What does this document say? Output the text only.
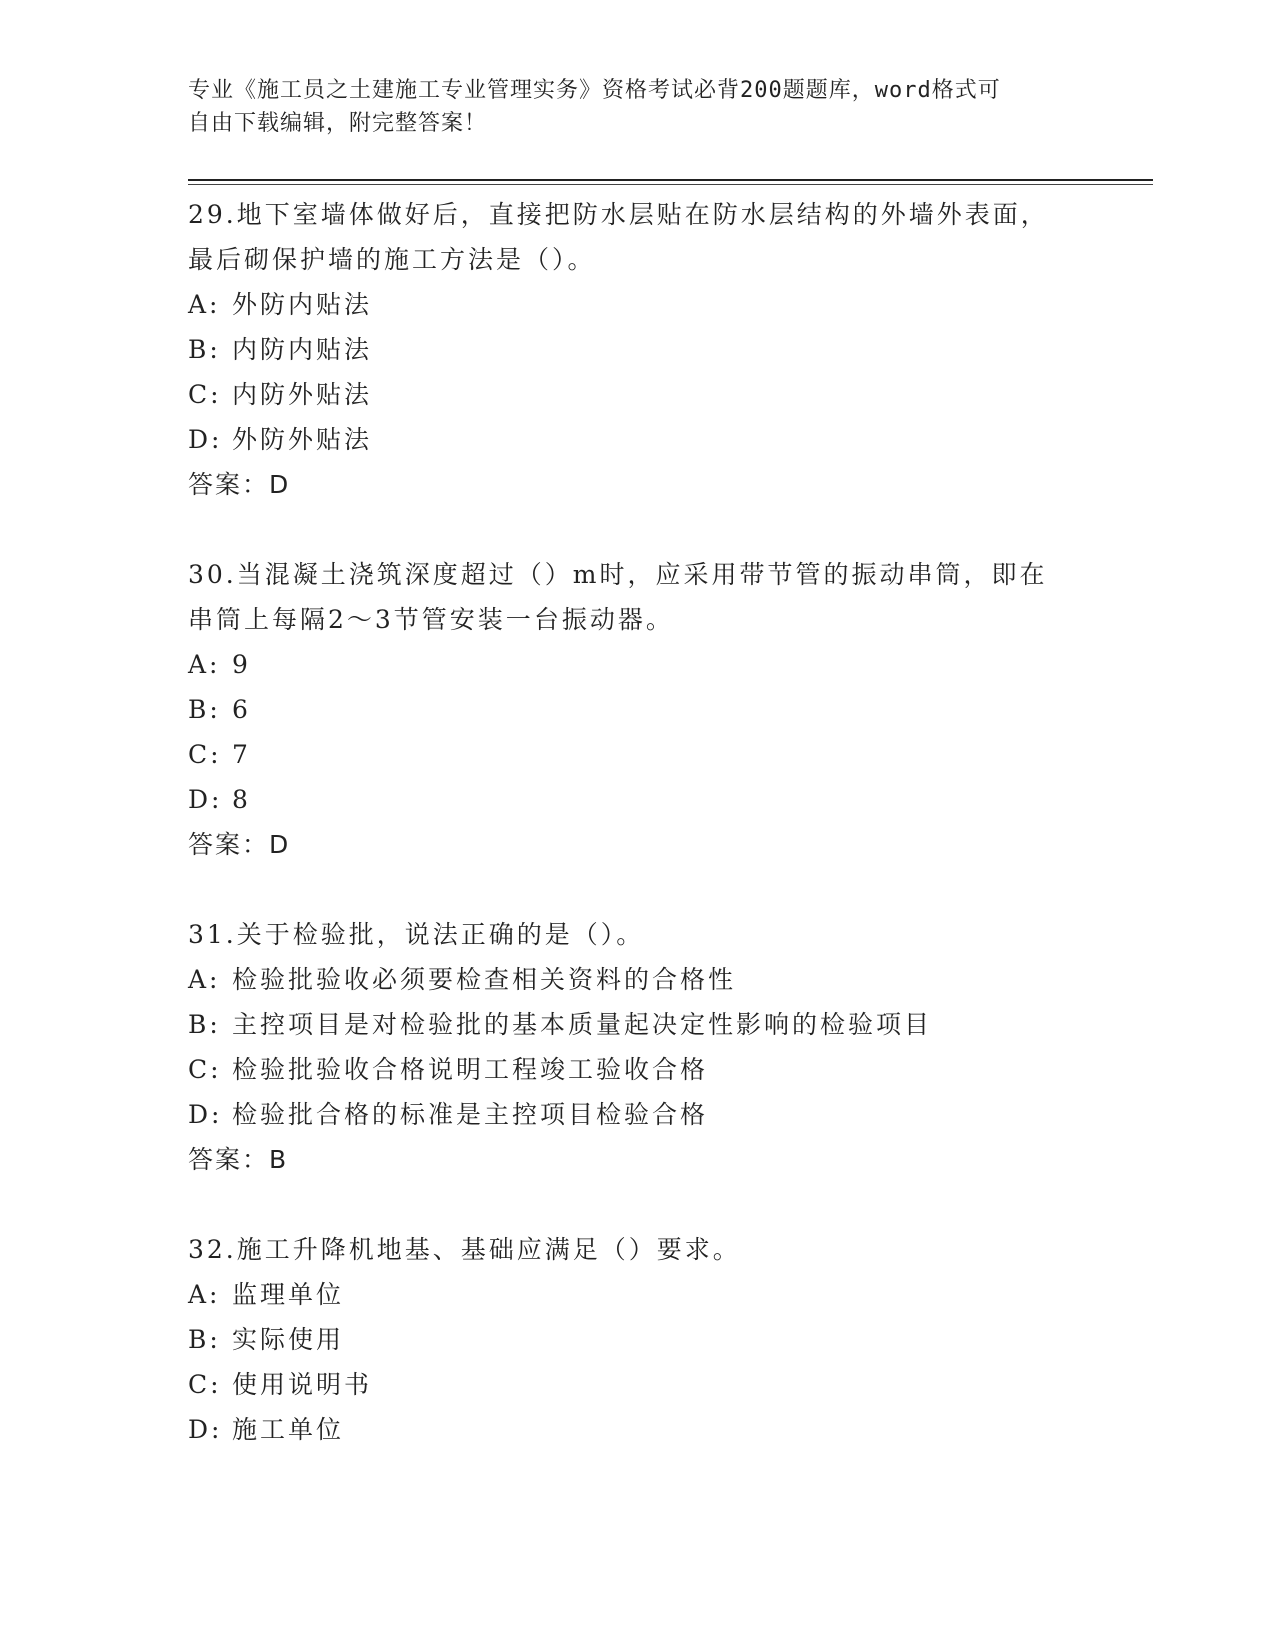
专业《施工员之土建施工专业管理实务》资格考试必背200题题库，word格式可
自由下载编辑，附完整答案！

29.地下室墙体做好后，直接把防水层贴在防水层结构的外墙外表面，
最后砌保护墙的施工方法是（）。

A: 外防内贴法

B: 内防内贴法

C: 内防外贴法

D: 外防外贴法

答案：D

30.当混凝土浇筑深度超过（）m时，应采用带节管的振动串筒，即在
串筒上每隔2～3节管安装一台振动器。

A: 9

B: 6

C: 7

D: 8

答案：D

31.关于检验批，说法正确的是（）。

A: 检验批验收必须要检查相关资料的合格性

B: 主控项目是对检验批的基本质量起决定性影响的检验项目

C: 检验批验收合格说明工程竣工验收合格

D: 检验批合格的标准是主控项目检验合格

答案：B

32.施工升降机地基、基础应满足（）要求。

A: 监理单位

B: 实际使用

C: 使用说明书

D: 施工单位
